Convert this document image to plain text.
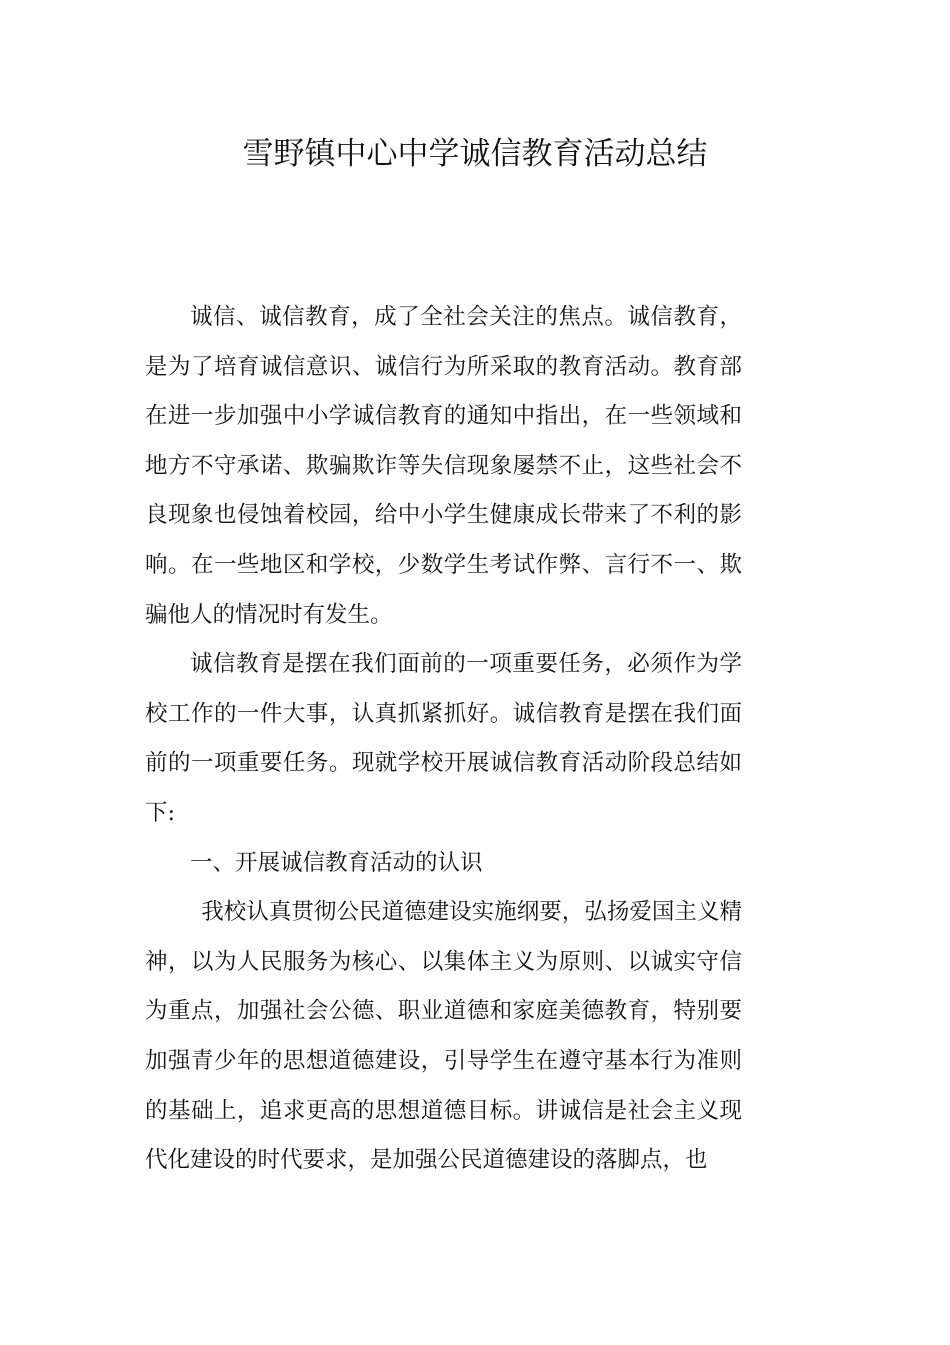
雪野镇中心中学诚信教育活动总结

诚信、诚信教育，成了全社会关注的焦点。诚信教育，是为了培育诚信意识、诚信行为所采取的教育活动。教育部在进一步加强中小学诚信教育的通知中指出，在一些领域和地方不守承诺、欺骗欺诈等失信现象屡禁不止，这些社会不良现象也侵蚀着校园，给中小学生健康成长带来了不利的影响。在一些地区和学校，少数学生考试作弊、言行不一、欺骗他人的情况时有发生。

诚信教育是摆在我们面前的一项重要任务，必须作为学校工作的一件大事，认真抓紧抓好。诚信教育是摆在我们面前的一项重要任务。现就学校开展诚信教育活动阶段总结如下:

一、开展诚信教育活动的认识

我校认真贯彻公民道德建设实施纲要，弘扬爱国主义精神，以为人民服务为核心、以集体主义为原则、以诚实守信为重点，加强社会公德、职业道德和家庭美德教育，特别要加强青少年的思想道德建设，引导学生在遵守基本行为准则的基础上，追求更高的思想道德目标。讲诚信是社会主义现代化建设的时代要求，是加强公民道德建设的落脚点，也
